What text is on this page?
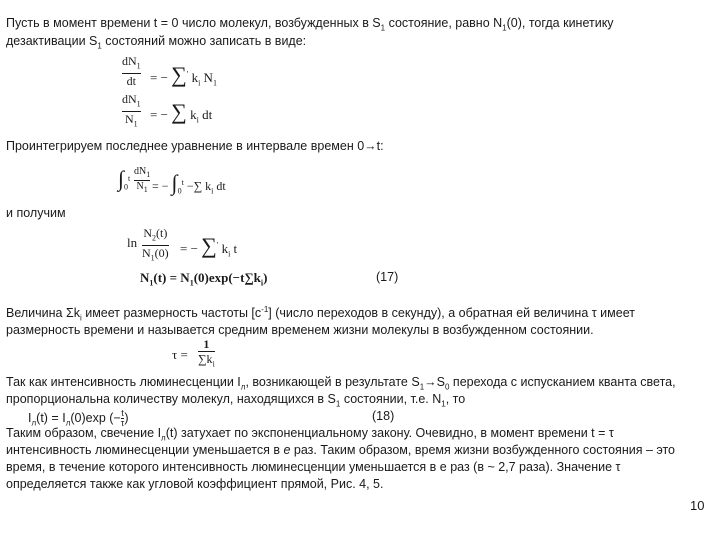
Пусть в момент времени t = 0 число молекул, возбужденных в $S_1$ состояние, равно $N_1(0)$, тогда кинетику
дезактивации $S_1$ состояний можно записать в виде:
$dN_1$
dt = − ∑' $k_i$ $N_1$
$dN_1$
$N_1$
= − ∑ $k_i$ dt
Проинтегрируем последнее уравнение в интервале времен 0→t:
$\int_0^t$
$dN_1$
$N_1$ = − $\int_0^t$ −∑ $k_i$ dt
и получим
ln
$N_2(t)$
$N_1(0)$ = − ∑' $k_i$ t
$N_1(t) = N_1(0)\exp(-t\sum k_i)$	(17)
Величина $\Sigma k_i$ имеет размерность частоты $[с^{-1}]$ (число переходов в секунду), а обратная ей величина τ имеет
размерность времени и называется средним временем жизни молекулы в возбужденном состоянии.
τ =
1
$\sum k_i$
Так как интенсивность люминесценции $I_л$, возникающей в результате $S_1\to S_0$ перехода с испусканием кванта света,
пропорциональна количеству молекул, находящихся в $S_1$ состоянии, т.е. $N_1$, то
$I_л(t) = I_л(0)\exp$ (− $\frac{t}{\tau}$ )	(18)
Таким образом, свечение $I_л(t)$ затухает по экспоненциальному закону. Очевидно, в момент времени t = τ
интенсивность люминесценции уменьшается в е раз. Таким образом, время жизни возбужденного состояния – это
время, в течение которого интенсивность люминесценции уменьшается в е раз (в ~ 2,7 раза). Значение τ
определяется также как угловой коэффициент прямой, Рис. 4, 5.
10
